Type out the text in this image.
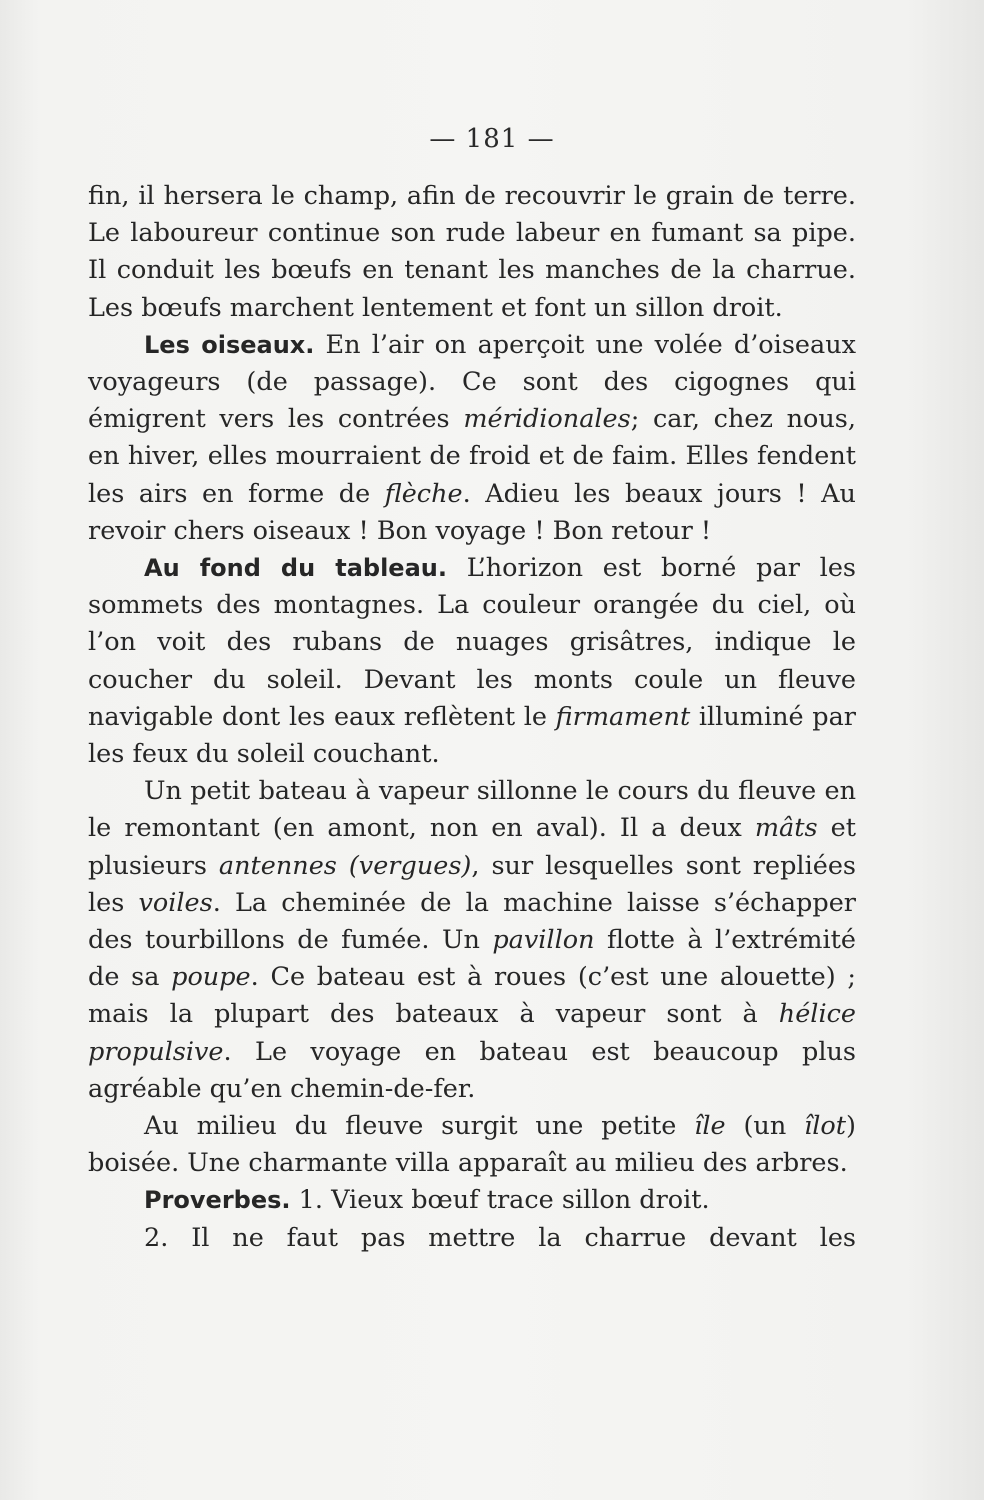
— 181 —

fin, il hersera le champ, afin de recouvrir le grain de terre. Le laboureur continue son rude labeur en fumant sa pipe. Il conduit les bœufs en tenant les manches de la charrue. Les bœufs marchent lentement et font un sillon droit.

Les oiseaux. En l’air on aperçoit une volée d’oiseaux voyageurs (de passage). Ce sont des cigognes qui émigrent vers les contrées méridionales; car, chez nous, en hiver, elles mourraient de froid et de faim. Elles fendent les airs en forme de flèche. Adieu les beaux jours ! Au revoir chers oiseaux ! Bon voyage ! Bon retour !

Au fond du tableau. L’horizon est borné par les sommets des montagnes. La couleur orangée du ciel, où l’on voit des rubans de nuages grisâtres, indique le coucher du soleil. Devant les monts coule un fleuve navigable dont les eaux reflètent le firmament illuminé par les feux du soleil couchant.

Un petit bateau à vapeur sillonne le cours du fleuve en le remontant (en amont, non en aval). Il a deux mâts et plusieurs antennes (vergues), sur lesquelles sont repliées les voiles. La cheminée de la machine laisse s’échapper des tourbillons de fumée. Un pavillon flotte à l’extrémité de sa poupe. Ce bateau est à roues (c’est une alouette) ; mais la plupart des bateaux à vapeur sont à hélice propulsive. Le voyage en bateau est beaucoup plus agréable qu’en chemin-de-fer.

Au milieu du fleuve surgit une petite île (un îlot) boisée. Une charmante villa apparaît au milieu des arbres.

Proverbes. 1. Vieux bœuf trace sillon droit.

2. Il ne faut pas mettre la charrue devant les
